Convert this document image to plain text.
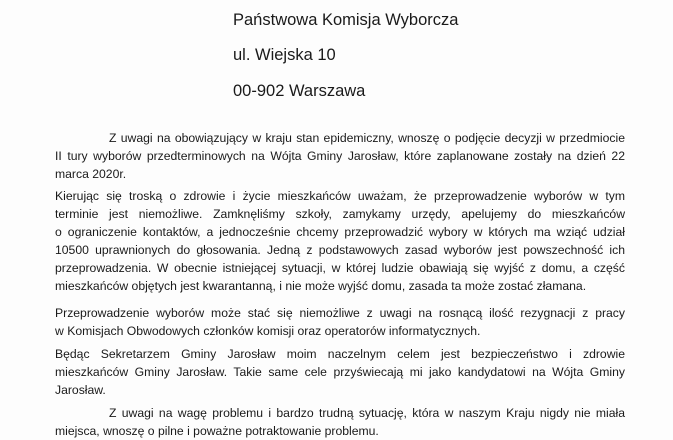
Państwowa Komisja Wyborcza
ul. Wiejska 10
00-902 Warszawa
Z uwagi na obowiązujący w kraju stan epidemiczny, wnoszę o podjęcie decyzji w przedmiocie
II tury wyborów przedterminowych na Wójta Gminy Jarosław, które zaplanowane zostały na dzień 22
marca 2020r.
Kierując się troską o zdrowie i życie mieszkańców uważam, że przeprowadzenie wyborów w tym
terminie jest niemożliwe. Zamknęliśmy szkoły, zamykamy urzędy, apelujemy do mieszkańców
o ograniczenie kontaktów, a jednocześnie chcemy przeprowadzić wybory w których ma wziąć udział
10500 uprawnionych do głosowania. Jedną z podstawowych zasad wyborów jest powszechność ich
przeprowadzenia. W obecnie istniejącej sytuacji, w której ludzie obawiają się wyjść z domu, a część
mieszkańców objętych jest kwarantanną, i nie może wyjść domu, zasada ta może zostać złamana.
Przeprowadzenie wyborów może stać się niemożliwe z uwagi na rosnącą ilość rezygnacji z pracy
w Komisjach Obwodowych członków komisji oraz operatorów informatycznych.
Będąc Sekretarzem Gminy Jarosław moim naczelnym celem jest bezpieczeństwo i zdrowie
mieszkańców Gminy Jarosław. Takie same cele przyświecają mi jako kandydatowi na Wójta Gminy
Jarosław.
Z uwagi na wagę problemu i bardzo trudną sytuację, która w naszym Kraju nigdy nie miała
miejsca, wnoszę o pilne i poważne potraktowanie problemu.
